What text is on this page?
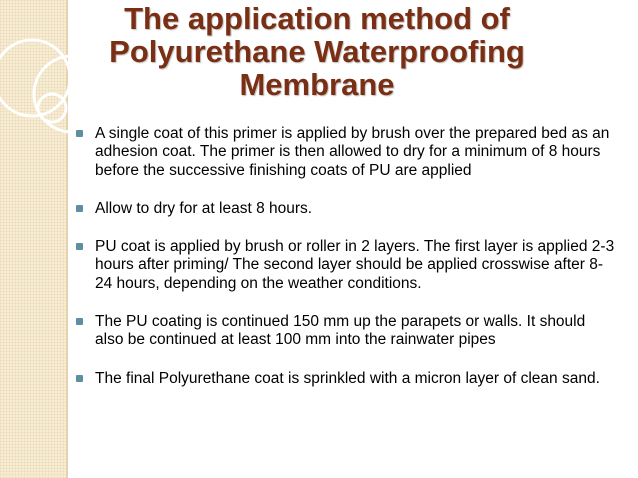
The application method of Polyurethane Waterproofing Membrane
A single coat of this primer is applied by brush over the prepared bed as an adhesion coat. The primer is then allowed to dry for a minimum of 8 hours before the successive finishing coats of PU are applied
Allow to dry for at least 8 hours.
PU coat is applied by brush or roller in 2 layers. The first layer is applied 2-3 hours after priming/ The second layer should be applied crosswise after 8-24 hours, depending on the weather conditions.
The PU coating is continued 150 mm up the parapets or walls. It should also be continued at least 100 mm into the rainwater pipes
The final Polyurethane coat is sprinkled with a micron layer of clean sand.
